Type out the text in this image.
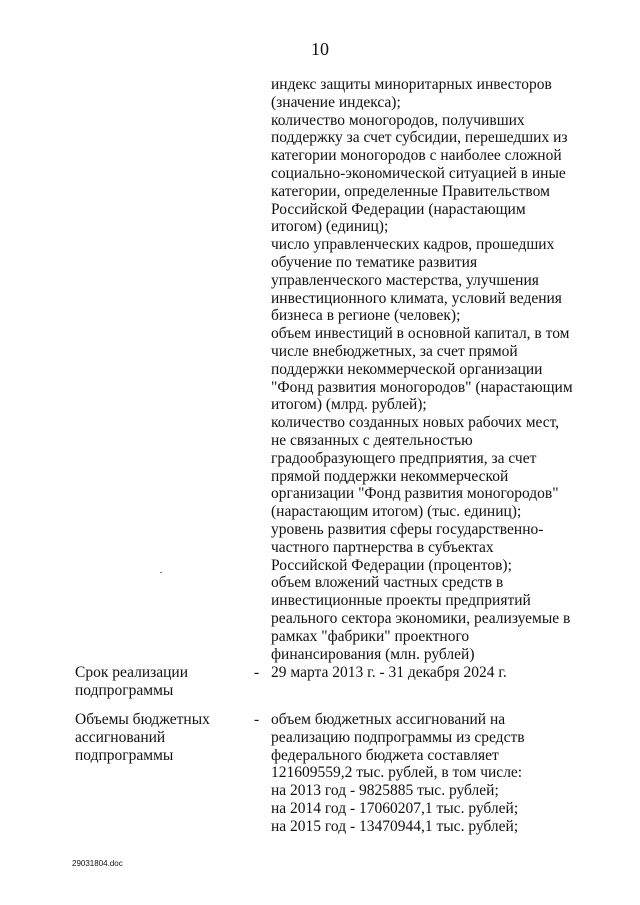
10
индекс защиты миноритарных инвесторов
(значение индекса);
количество моногородов, получивших
поддержку за счет субсидии, перешедших из
категории моногородов с наиболее сложной
социально-экономической ситуацией в иные
категории, определенные Правительством
Российской Федерации (нарастающим
итогом) (единиц);
число управленческих кадров, прошедших
обучение по тематике развития
управленческого мастерства, улучшения
инвестиционного климата, условий ведения
бизнеса в регионе (человек);
объем инвестиций в основной капитал, в том
числе внебюджетных, за счет прямой
поддержки некоммерческой организации
"Фонд развития моногородов" (нарастающим
итогом) (млрд. рублей);
количество созданных новых рабочих мест,
не связанных с деятельностью
градообразующего предприятия, за счет
прямой поддержки некоммерческой
организации "Фонд развития моногородов"
(нарастающим итогом) (тыс. единиц);
уровень развития сферы государственно-
частного партнерства в субъектах
Российской Федерации (процентов);
объем вложений частных средств в
инвестиционные проекты предприятий
реального сектора экономики, реализуемые в
рамках "фабрики" проектного
финансирования (млн. рублей)
Срок реализации
подпрограммы
- 29 марта 2013 г. - 31 декабря 2024 г.
Объемы бюджетных
ассигнований
подпрограммы
- объем бюджетных ассигнований на
реализацию подпрограммы из средств
федерального бюджета составляет
121609559,2 тыс. рублей, в том числе:
на 2013 год - 9825885 тыс. рублей;
на 2014 год - 17060207,1 тыс. рублей;
на 2015 год - 13470944,1 тыс. рублей;
29031804.doc
